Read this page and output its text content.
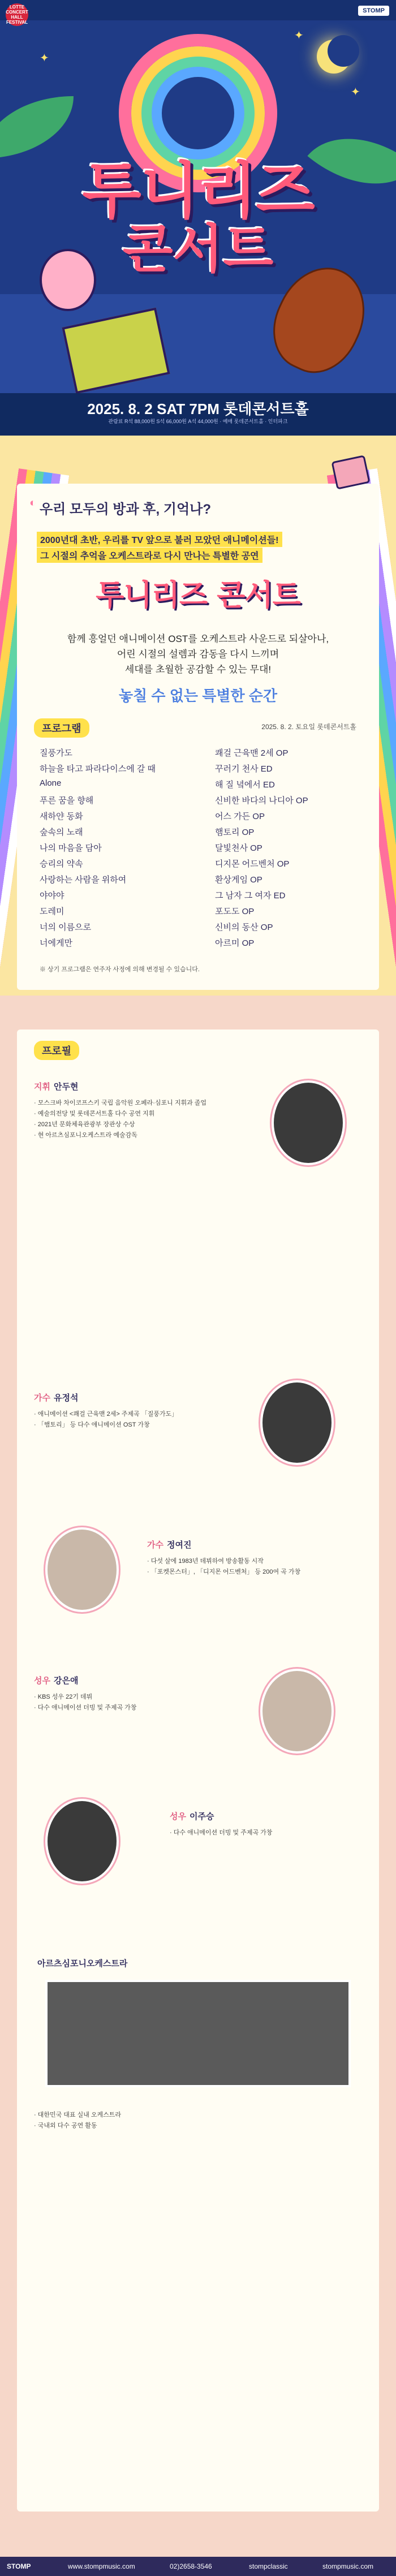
LOTTE CONCERT HALL FESTIVAL
STOMP
✦
✦
✦
투니리즈
콘서트
2025. 8. 2 SAT 7PM 롯데콘서트홀
관람료 R석 88,000원 S석 66,000원 A석 44,000원 · 예매 롯데콘서트홀 · 인터파크
◐ 우리 모두의 방과 후, 기억나?
2000년대 초반, 우리를 TV 앞으로 불러 모았던 애니메이션들!
그 시절의 추억을 오케스트라로 다시 만나는 특별한 공연
투니리즈 콘서트
함께 흥얼던 애니메이션 OST를 오케스트라 사운드로 되살아나,
어린 시절의 설렘과 감동을 다시 느끼며
세대를 초월한 공감할 수 있는 무대!
놓칠 수 없는 특별한 순간
프로그램	2025. 8. 2. 토요일 롯데콘서트홀
질풍가도	쾌걸 근육맨 2세 OP
하늘을 타고 파라다이스에 갈 때	꾸러기 천사 ED
Alone	해 질 녘에서 ED
푸른 꿈을 향해	신비한 바다의 나디아 OP
새하얀 동화	어스 가든 OP
숲속의 노래	햄토리 OP
나의 마음을 담아	달빛천사 OP
승리의 약속	디지몬 어드벤처 OP
사랑하는 사람을 위하여	환상게임 OP
야야야	그 남자 그 여자 ED
도레미	포도도 OP
너의 이름으로	신비의 동산 OP
너에게만	아르미 OP
※ 상기 프로그램은 연주자 사정에 의해 변경될 수 있습니다.
프로필
지휘 안두현
· 모스크바 차이코프스키 국립 음악원 오페라·심포니 지휘과 졸업
· 예술의전당 및 롯데콘서트홀 다수 공연 지휘
· 2021년 문화체육관광부 장관상 수상
· 현 아르츠심포니오케스트라 예술감독
가수 유정석
· 애니메이션 <쾌걸 근육맨 2세> 주제곡 「질풍가도」
· 「햄토리」 등 다수 애니메이션 OST 가창
가수 정여진
· 다섯 살에 1983년 데뷔하여 방송활동 시작
· 「포켓몬스터」, 「디지몬 어드벤처」 등 200여 곡 가창
성우 강은애
· KBS 성우 22기 데뷔
· 다수 애니메이션 더빙 및 주제곡 가창
성우 이주승
· 다수 애니메이션 더빙 및 주제곡 가창
아르츠심포니오케스트라
· 대한민국 대표 실내 오케스트라
· 국내외 다수 공연 활동
STOMP	www.stompmusic.com	02)2658-3546	stompclassic	stompmusic.com
